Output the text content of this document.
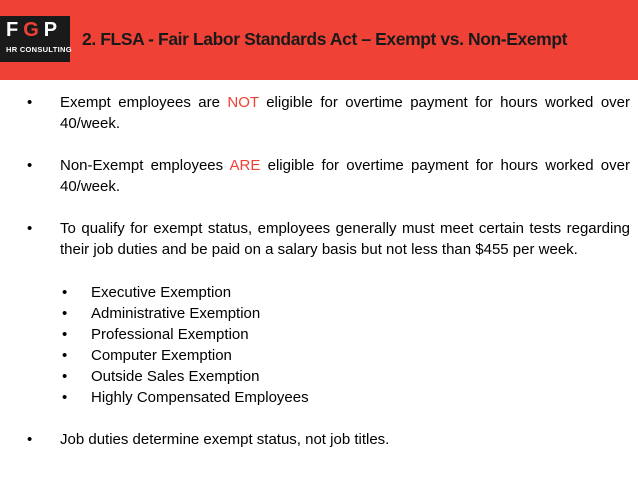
FGP
HR CONSULTING
2. FLSA - Fair Labor Standards Act – Exempt vs. Non-Exempt
• Exempt employees are NOT eligible for overtime payment for hours worked over 40/week.
• Non-Exempt employees ARE eligible for overtime payment for hours worked over 40/week.
• To qualify for exempt status, employees generally must meet certain tests regarding their job duties and be paid on a salary basis but not less than $455 per week.
• Executive Exemption
• Administrative Exemption
• Professional Exemption
• Computer Exemption
• Outside Sales Exemption
• Highly Compensated Employees
• Job duties determine exempt status, not job titles.
